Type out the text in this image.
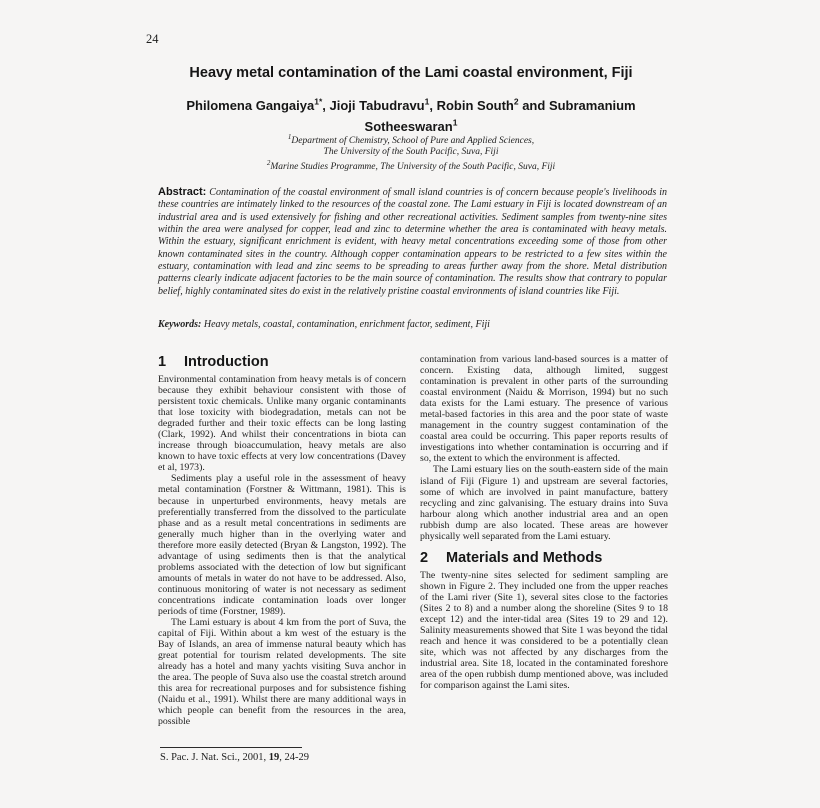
24
Heavy metal contamination of the Lami coastal environment, Fiji
Philomena Gangaiya$^{1*}$, Jioji Tabudravu$^1$, Robin South$^2$ and Subramanium Sotheeswaran$^1$
$^1$Department of Chemistry, School of Pure and Applied Sciences,
The University of the South Pacific, Suva, Fiji
$^2$Marine Studies Programme, The University of the South Pacific, Suva, Fiji
Abstract: Contamination of the coastal environment of small island countries is of concern because people's livelihoods in these countries are intimately linked to the resources of the coastal zone. The Lami estuary in Fiji is located downstream of an industrial area and is used extensively for fishing and other recreational activities. Sediment samples from twenty-nine sites within the area were analysed for copper, lead and zinc to determine whether the area is contaminated with heavy metals. Within the estuary, significant enrichment is evident, with heavy metal concentrations exceeding some of those from other known contaminated sites in the country. Although copper contamination appears to be restricted to a few sites within the estuary, contamination with lead and zinc seems to be spreading to areas further away from the shore. Metal distribution patterns clearly indicate adjacent factories to be the main source of contamination. The results show that contrary to popular belief, highly contaminated sites do exist in the relatively pristine coastal environments of island countries like Fiji.
Keywords: Heavy metals, coastal, contamination, enrichment factor, sediment, Fiji
1 Introduction

Environmental contamination from heavy metals is of concern because they exhibit behaviour consistent with those of persistent toxic chemicals. Unlike many organic contaminants that lose toxicity with biodegradation, metals can not be degraded further and their toxic effects can be long lasting (Clark, 1992). And whilst their concentrations in biota can increase through bioaccumulation, heavy metals are also known to have toxic effects at very low concentrations (Davey et al, 1973).

Sediments play a useful role in the assessment of heavy metal contamination (Forstner & Wittmann, 1981). This is because in unperturbed environments, heavy metals are preferentially transferred from the dissolved to the particulate phase and as a result metal concentrations in sediments are generally much higher than in the overlying water and therefore more easily detected (Bryan & Langston, 1992). The advantage of using sediments then is that the analytical problems associated with the detection of low but significant amounts of metals in water do not have to be addressed. Also, continuous monitoring of water is not necessary as sediment concentrations indicate contamination loads over longer periods of time (Forstner, 1989).

The Lami estuary is about 4 km from the port of Suva, the capital of Fiji. Within about a km west of the estuary is the Bay of Islands, an area of immense natural beauty which has great potential for tourism related developments. The site already has a hotel and many yachts visiting Suva anchor in the area. The people of Suva also use the coastal stretch around this area for recreational purposes and for subsistence fishing (Naidu et al., 1991). Whilst there are many additional ways in which people can benefit from the resources in the area, possible

contamination from various land-based sources is a matter of concern. Existing data, although limited, suggest contamination is prevalent in other parts of the surrounding coastal environment (Naidu & Morrison, 1994) but no such data exists for the Lami estuary. The presence of various metal-based factories in this area and the poor state of waste management in the country suggest contamination of the coastal area could be occurring. This paper reports results of investigations into whether contamination is occurring and if so, the extent to which the environment is affected.

The Lami estuary lies on the south-eastern side of the main island of Fiji (Figure 1) and upstream are several factories, some of which are involved in paint manufacture, battery recycling and zinc galvanising. The estuary drains into Suva harbour along which another industrial area and an open rubbish dump are also located. These areas are however physically well separated from the Lami estuary.

2 Materials and Methods

The twenty-nine sites selected for sediment sampling are shown in Figure 2. They included one from the upper reaches of the Lami river (Site 1), several sites close to the factories (Sites 2 to 8) and a number along the shoreline (Sites 9 to 18 except 12) and the inter-tidal area (Sites 19 to 29 and 12). Salinity measurements showed that Site 1 was beyond the tidal reach and hence it was considered to be a potentially clean site, which was not affected by any discharges from the industrial area. Site 18, located in the contaminated foreshore area of the open rubbish dump mentioned above, was included for comparison against the Lami sites.

S. Pac. J. Nat. Sci., 2001, 19, 24-29
